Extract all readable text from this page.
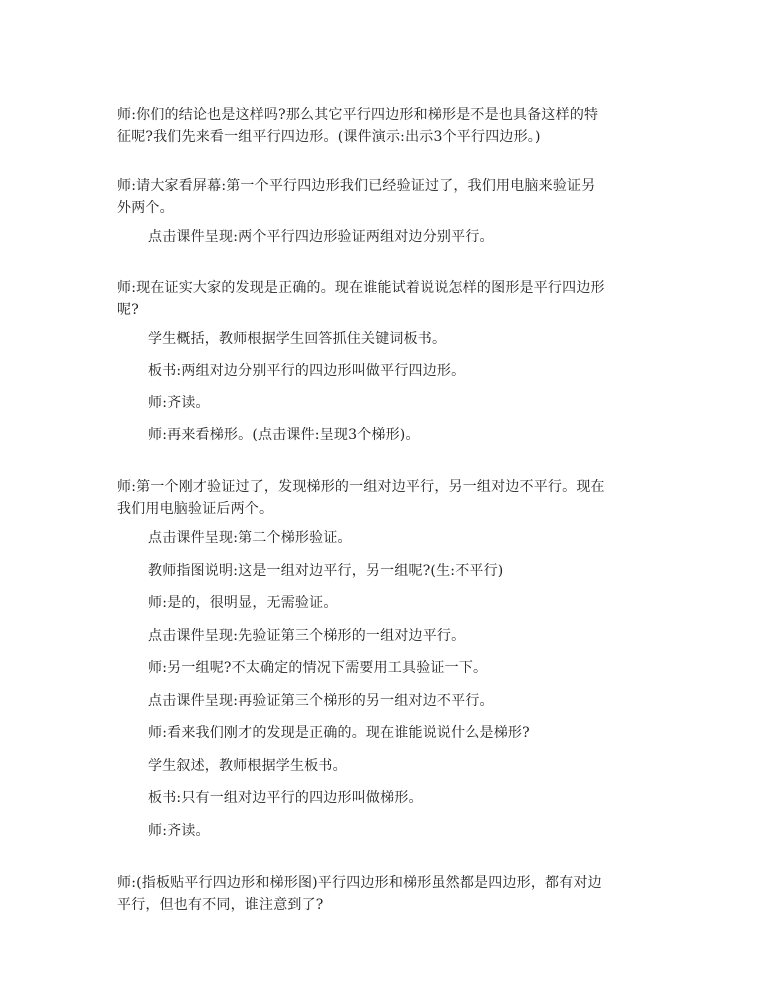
师:你们的结论也是这样吗?那么其它平行四边形和梯形是不是也具备这样的特
征呢?我们先来看一组平行四边形。(课件演示:出示3个平行四边形。)
师:请大家看屏幕:第一个平行四边形我们已经验证过了，我们用电脑来验证另
外两个。
点击课件呈现:两个平行四边形验证两组对边分别平行。
师:现在证实大家的发现是正确的。现在谁能试着说说怎样的图形是平行四边形
呢?
学生概括，教师根据学生回答抓住关键词板书。
板书:两组对边分别平行的四边形叫做平行四边形。
师:齐读。
师:再来看梯形。(点击课件:呈现3个梯形)。
师:第一个刚才验证过了，发现梯形的一组对边平行，另一组对边不平行。现在
我们用电脑验证后两个。
点击课件呈现:第二个梯形验证。
教师指图说明:这是一组对边平行，另一组呢?(生:不平行)
师:是的，很明显，无需验证。
点击课件呈现:先验证第三个梯形的一组对边平行。
师:另一组呢?不太确定的情况下需要用工具验证一下。
点击课件呈现:再验证第三个梯形的另一组对边不平行。
师:看来我们刚才的发现是正确的。现在谁能说说什么是梯形?
学生叙述，教师根据学生板书。
板书:只有一组对边平行的四边形叫做梯形。
师:齐读。
师:(指板贴平行四边形和梯形图)平行四边形和梯形虽然都是四边形，都有对边
平行，但也有不同，谁注意到了?
